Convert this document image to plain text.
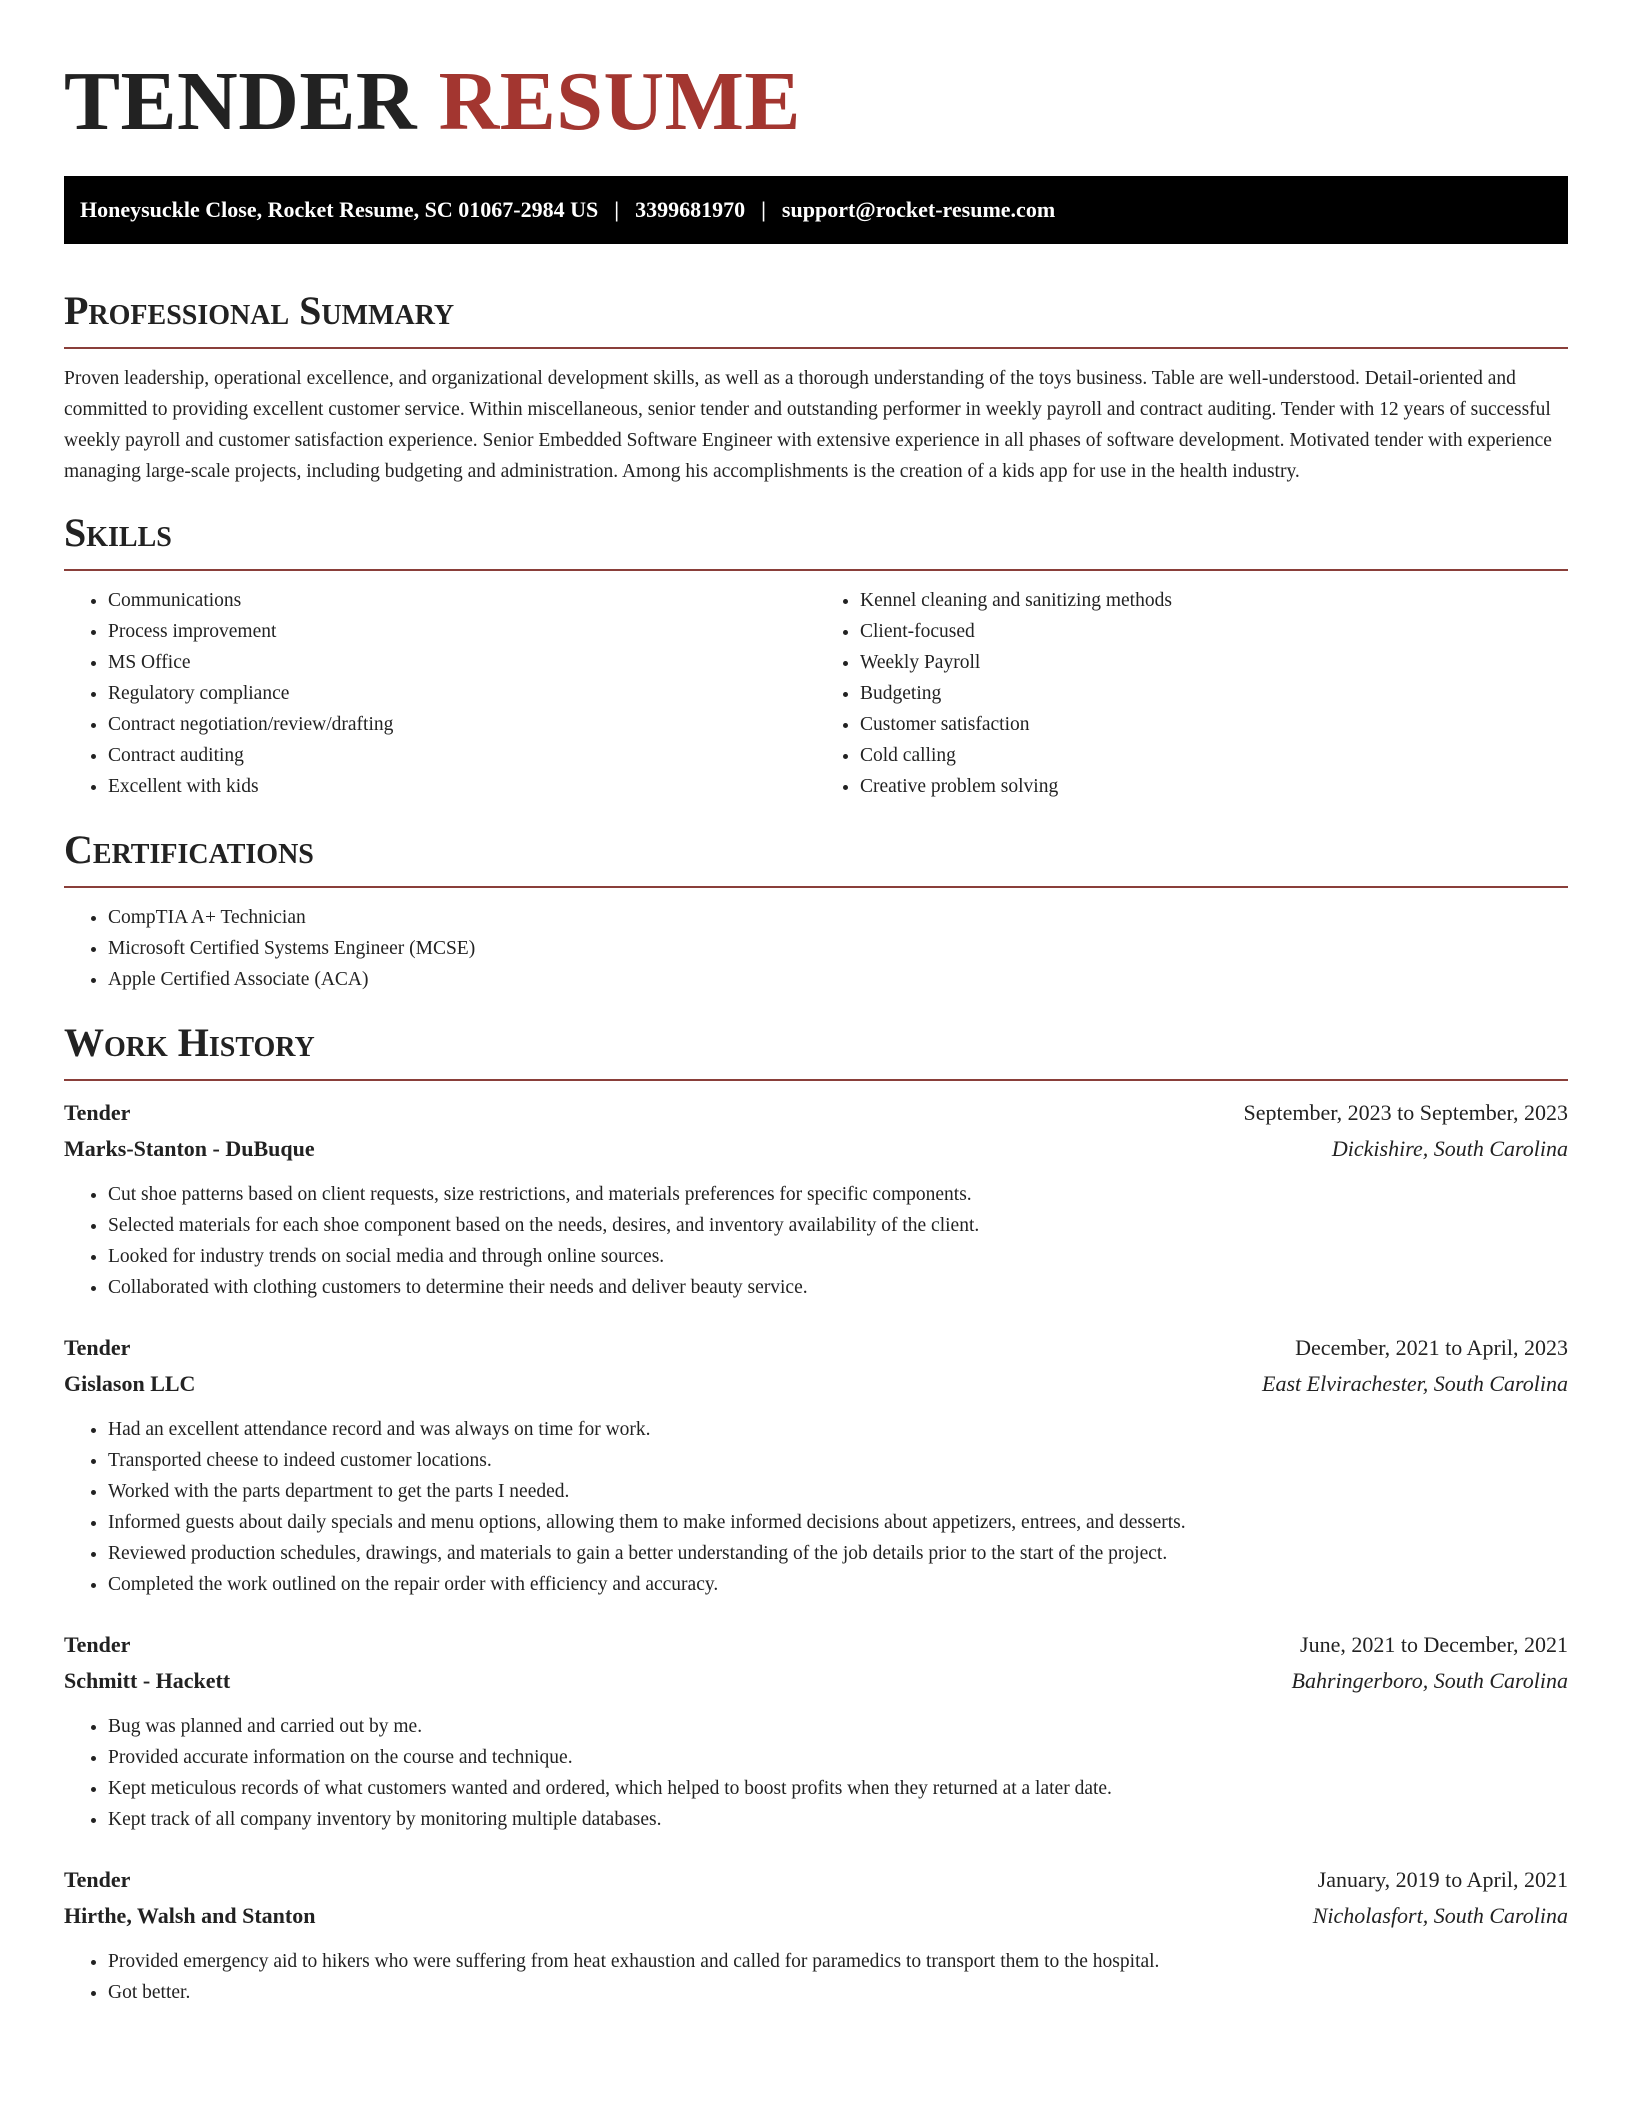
TENDER RESUME
Honeysuckle Close, Rocket Resume, SC 01067-2984 US | 3399681970 | support@rocket-resume.com
Professional Summary

Proven leadership, operational excellence, and organizational development skills, as well as a thorough understanding of the toys business. Table are well-understood. Detail-oriented and committed to providing excellent customer service. Within miscellaneous, senior tender and outstanding performer in weekly payroll and contract auditing. Tender with 12 years of successful weekly payroll and customer satisfaction experience. Senior Embedded Software Engineer with extensive experience in all phases of software development. Motivated tender with experience managing large-scale projects, including budgeting and administration. Among his accomplishments is the creation of a kids app for use in the health industry.

Skills
• Communications
• Process improvement
• MS Office
• Regulatory compliance
• Contract negotiation/review/drafting
• Contract auditing
• Excellent with kids
• Kennel cleaning and sanitizing methods
• Client-focused
• Weekly Payroll
• Budgeting
• Customer satisfaction
• Cold calling
• Creative problem solving
Certifications
• CompTIA A+ Technician
• Microsoft Certified Systems Engineer (MCSE)
• Apple Certified Associate (ACA)
Work History
Tender	September, 2023 to September, 2023
Marks-Stanton - DuBuque	Dickishire, South Carolina
• Cut shoe patterns based on client requests, size restrictions, and materials preferences for specific components.
• Selected materials for each shoe component based on the needs, desires, and inventory availability of the client.
• Looked for industry trends on social media and through online sources.
• Collaborated with clothing customers to determine their needs and deliver beauty service.
Tender	December, 2021 to April, 2023
Gislason LLC	East Elvirachester, South Carolina
• Had an excellent attendance record and was always on time for work.
• Transported cheese to indeed customer locations.
• Worked with the parts department to get the parts I needed.
• Informed guests about daily specials and menu options, allowing them to make informed decisions about appetizers, entrees, and desserts.
• Reviewed production schedules, drawings, and materials to gain a better understanding of the job details prior to the start of the project.
• Completed the work outlined on the repair order with efficiency and accuracy.
Tender	June, 2021 to December, 2021
Schmitt - Hackett	Bahringerboro, South Carolina
• Bug was planned and carried out by me.
• Provided accurate information on the course and technique.
• Kept meticulous records of what customers wanted and ordered, which helped to boost profits when they returned at a later date.
• Kept track of all company inventory by monitoring multiple databases.
Tender	January, 2019 to April, 2021
Hirthe, Walsh and Stanton	Nicholasfort, South Carolina
• Provided emergency aid to hikers who were suffering from heat exhaustion and called for paramedics to transport them to the hospital.
• Got better.
